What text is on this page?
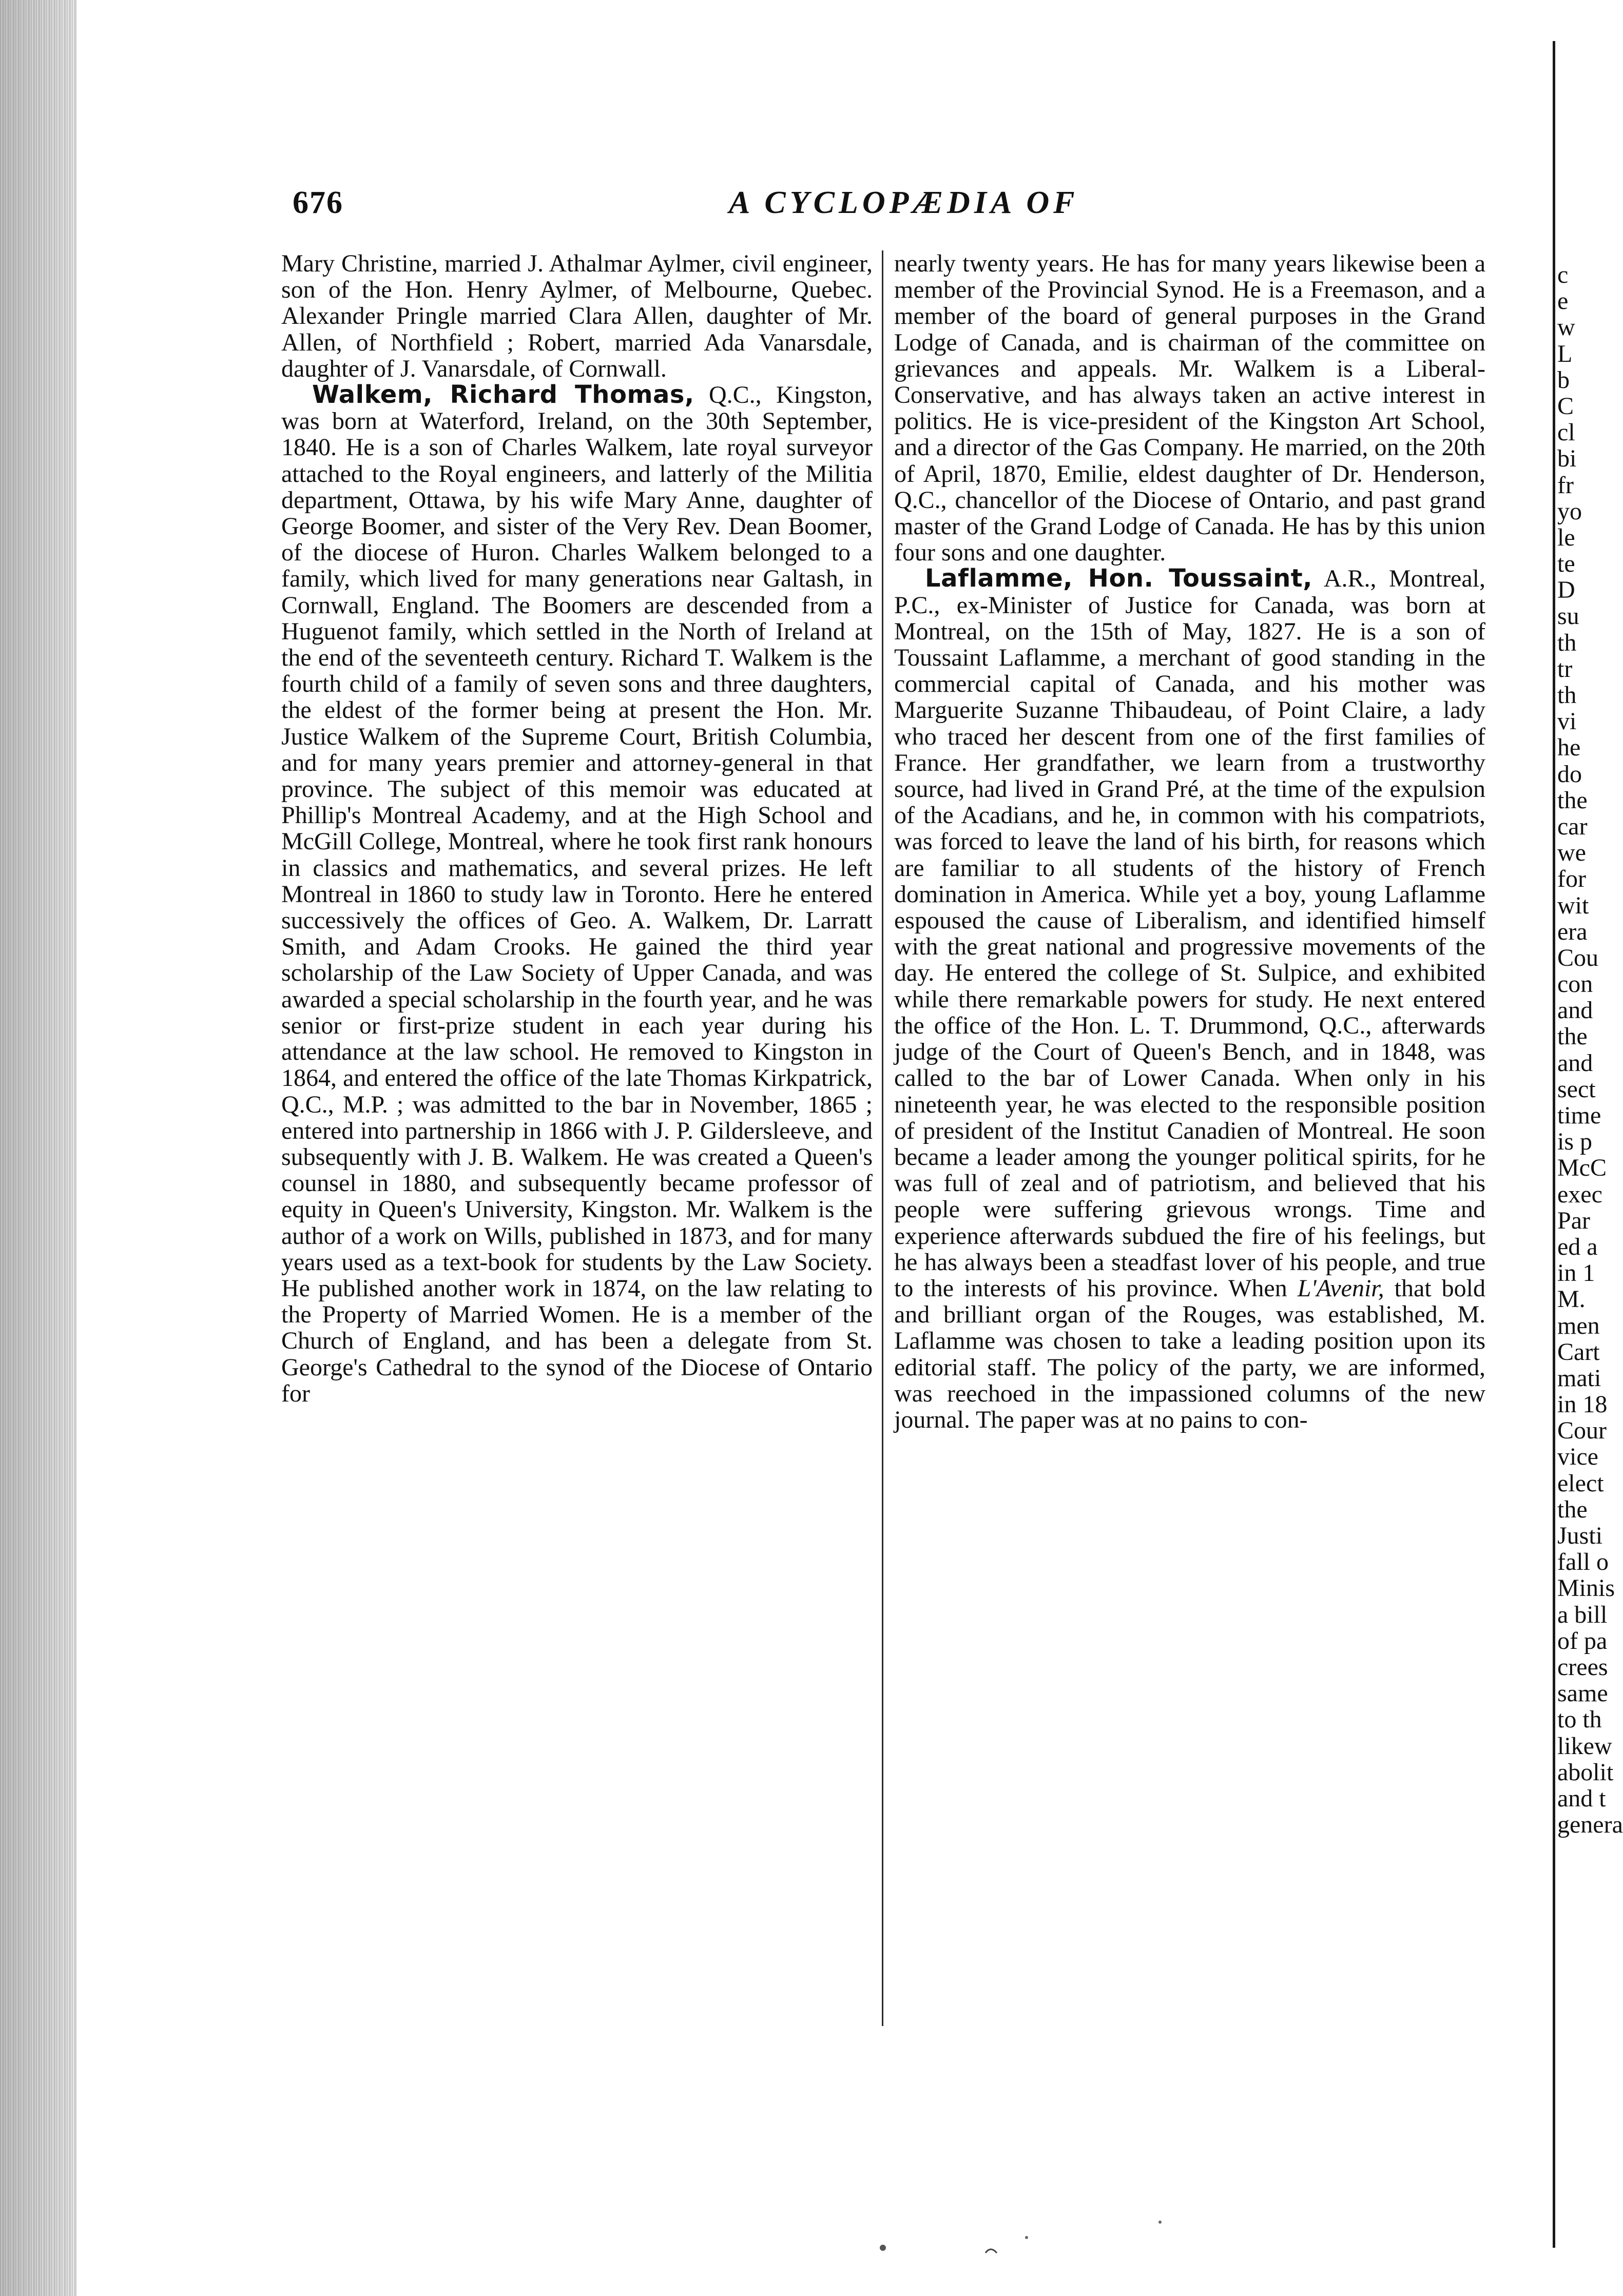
676	A CYCLOPÆDIA OF

Mary Christine, married J. Athalmar Aylmer, civil engineer, son of the Hon. Henry Aylmer, of Melbourne, Quebec. Alexander Pringle married Clara Allen, daughter of Mr. Allen, of Northfield ; Robert, married Ada Vanarsdale, daughter of J. Vanarsdale, of Cornwall.

Walkem, Richard Thomas, Q.C., Kingston, was born at Waterford, Ireland, on the 30th September, 1840. He is a son of Charles Walkem, late royal surveyor attached to the Royal engineers, and latterly of the Militia department, Ottawa, by his wife Mary Anne, daughter of George Boomer, and sister of the Very Rev. Dean Boomer, of the diocese of Huron. Charles Walkem belonged to a family, which lived for many generations near Galtash, in Cornwall, England. The Boomers are descended from a Huguenot family, which settled in the North of Ireland at the end of the seventeeth century. Richard T. Walkem is the fourth child of a family of seven sons and three daughters, the eldest of the former being at present the Hon. Mr. Justice Walkem of the Supreme Court, British Columbia, and for many years premier and attorney-general in that province. The subject of this memoir was educated at Phillip's Montreal Academy, and at the High School and McGill College, Montreal, where he took first rank honours in classics and mathematics, and several prizes. He left Montreal in 1860 to study law in Toronto. Here he entered successively the offices of Geo. A. Walkem, Dr. Larratt Smith, and Adam Crooks. He gained the third year scholarship of the Law Society of Upper Canada, and was awarded a special scholarship in the fourth year, and he was senior or first-prize student in each year during his attendance at the law school. He removed to Kingston in 1864, and entered the office of the late Thomas Kirkpatrick, Q.C., M.P. ; was admitted to the bar in November, 1865 ; entered into partnership in 1866 with J. P. Gildersleeve, and subsequently with J. B. Walkem. He was created a Queen's counsel in 1880, and subsequently became professor of equity in Queen's University, Kingston. Mr. Walkem is the author of a work on Wills, published in 1873, and for many years used as a text-book for students by the Law Society. He published another work in 1874, on the law relating to the Property of Married Women. He is a member of the Church of England, and has been a delegate from St. George's Cathedral to the synod of the Diocese of Ontario for

nearly twenty years. He has for many years likewise been a member of the Provincial Synod. He is a Freemason, and a member of the board of general purposes in the Grand Lodge of Canada, and is chairman of the committee on grievances and appeals. Mr. Walkem is a Liberal-Conservative, and has always taken an active interest in politics. He is vice-president of the Kingston Art School, and a director of the Gas Company. He married, on the 20th of April, 1870, Emilie, eldest daughter of Dr. Henderson, Q.C., chancellor of the Diocese of Ontario, and past grand master of the Grand Lodge of Canada. He has by this union four sons and one daughter.

Laflamme, Hon. Toussaint, A.R., Montreal, P.C., ex-Minister of Justice for Canada, was born at Montreal, on the 15th of May, 1827. He is a son of Toussaint Laflamme, a merchant of good standing in the commercial capital of Canada, and his mother was Marguerite Suzanne Thibaudeau, of Point Claire, a lady who traced her descent from one of the first families of France. Her grandfather, we learn from a trustworthy source, had lived in Grand Pré, at the time of the expulsion of the Acadians, and he, in common with his compatriots, was forced to leave the land of his birth, for reasons which are familiar to all students of the history of French domination in America. While yet a boy, young Laflamme espoused the cause of Liberalism, and identified himself with the great national and progressive movements of the day. He entered the college of St. Sulpice, and exhibited while there remarkable powers for study. He next entered the office of the Hon. L. T. Drummond, Q.C., afterwards judge of the Court of Queen's Bench, and in 1848, was called to the bar of Lower Canada. When only in his nineteenth year, he was elected to the responsible position of president of the Institut Canadien of Montreal. He soon became a leader among the younger political spirits, for he was full of zeal and of patriotism, and believed that his people were suffering grievous wrongs. Time and experience afterwards subdued the fire of his feelings, but he has always been a steadfast lover of his people, and true to the interests of his province. When L'Avenir, that bold and brilliant organ of the Rouges, was established, M. Laflamme was chosen to take a leading position upon its editorial staff. The policy of the party, we are informed, was reechoed in the impassioned columns of the new journal. The paper was at no pains to con-

c
e
w
L
b
C
cl
bi
fr
yo
le
te
D
su
th
tr
th
vi
he
do
the
car
we
for
wit
era
Cou
con
and
the
and
sect
time
is p
McC
exec
Par
ed a
in 1
M.
men
Cart
mati
in 18
Cour
vice
elect
the
Justi
fall o
Minis
a bill
of pa
crees
same
to th
likew
abolit
and t
genera
